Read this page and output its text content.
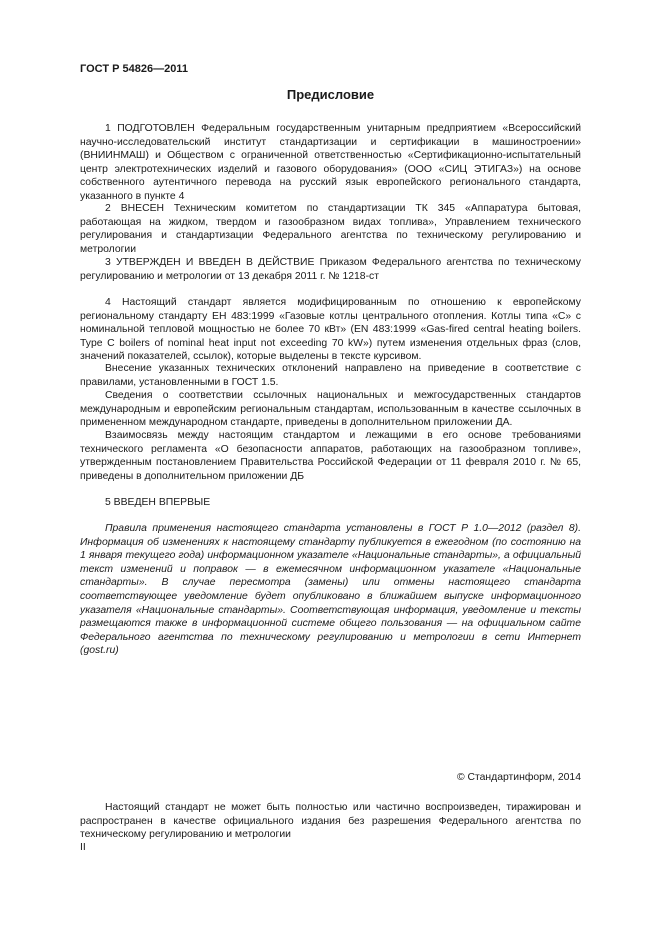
ГОСТ Р 54826—2011
Предисловие

1 ПОДГОТОВЛЕН Федеральным государственным унитарным предприятием «Всероссийский научно-исследовательский институт стандартизации и сертификации в машиностроении» (ВНИИНМАШ) и Обществом с ограниченной ответственностью «Сертификационно-испытательный центр электротехнических изделий и газового оборудования» (ООО «СИЦ ЭТИГАЗ») на основе собственного аутентичного перевода на русский язык европейского регионального стандарта, указанного в пункте 4

2 ВНЕСЕН Техническим комитетом по стандартизации ТК 345 «Аппаратура бытовая, работающая на жидком, твердом и газообразном видах топлива», Управлением технического регулирования и стандартизации Федерального агентства по техническому регулированию и метрологии

3 УТВЕРЖДЕН И ВВЕДЕН В ДЕЙСТВИЕ Приказом Федерального агентства по техническому регулированию и метрологии от 13 декабря 2011 г. № 1218-ст

4 Настоящий стандарт является модифицированным по отношению к европейскому региональному стандарту ЕН 483:1999 «Газовые котлы центрального отопления. Котлы типа «С» с номинальной тепловой мощностью не более 70 кВт» (EN 483:1999 «Gas-fired central heating boilers. Type C boilers of nominal heat input not exceeding 70 kW») путем изменения отдельных фраз (слов, значений показателей, ссылок), которые выделены в тексте курсивом.

Внесение указанных технических отклонений направлено на приведение в соответствие с правилами, установленными в ГОСТ 1.5.

Сведения о соответствии ссылочных национальных и межгосударственных стандартов международным и европейским региональным стандартам, использованным в качестве ссылочных в примененном международном стандарте, приведены в дополнительном приложении ДА.

Взаимосвязь между настоящим стандартом и лежащими в его основе требованиями технического регламента «О безопасности аппаратов, работающих на газообразном топливе», утвержденным постановлением Правительства Российской Федерации от 11 февраля 2010 г. № 65, приведены в дополнительном приложении ДБ

5 ВВЕДЕН ВПЕРВЫЕ

Правила применения настоящего стандарта установлены в ГОСТ Р 1.0—2012 (раздел 8). Информация об изменениях к настоящему стандарту публикуется в ежегодном (по состоянию на 1 января текущего года) информационном указателе «Национальные стандарты», а официальный текст изменений и поправок — в ежемесячном информационном указателе «Национальные стандарты». В случае пересмотра (замены) или отмены настоящего стандарта соответствующее уведомление будет опубликовано в ближайшем выпуске информационного указателя «Национальные стандарты». Соответствующая информация, уведомление и тексты размещаются также в информационной системе общего пользования — на официальном сайте Федерального агентства по техническому регулированию и метрологии в сети Интернет (gost.ru)

© Стандартинформ, 2014

Настоящий стандарт не может быть полностью или частично воспроизведен, тиражирован и распространен в качестве официального издания без разрешения Федерального агентства по техническому регулированию и метрологии

II
